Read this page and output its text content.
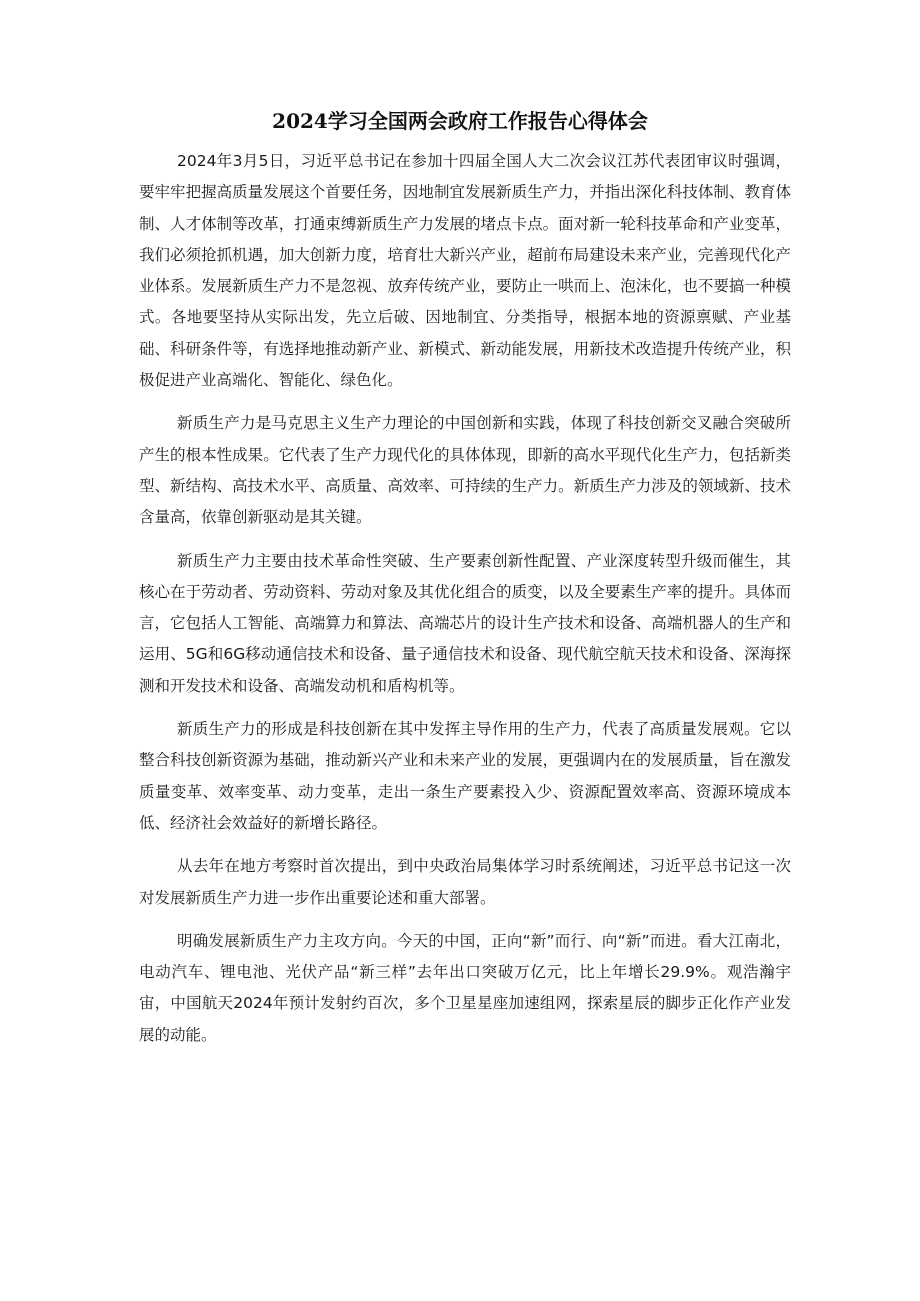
2024学习全国两会政府工作报告心得体会

2024年3月5日，习近平总书记在参加十四届全国人大二次会议江苏代表团审议时强调，要牢牢把握高质量发展这个首要任务，因地制宜发展新质生产力，并指出深化科技体制、教育体制、人才体制等改革，打通束缚新质生产力发展的堵点卡点。面对新一轮科技革命和产业变革，我们必须抢抓机遇，加大创新力度，培育壮大新兴产业，超前布局建设未来产业，完善现代化产业体系。发展新质生产力不是忽视、放弃传统产业，要防止一哄而上、泡沫化，也不要搞一种模式。各地要坚持从实际出发，先立后破、因地制宜、分类指导，根据本地的资源禀赋、产业基础、科研条件等，有选择地推动新产业、新模式、新动能发展，用新技术改造提升传统产业，积极促进产业高端化、智能化、绿色化。

新质生产力是马克思主义生产力理论的中国创新和实践，体现了科技创新交叉融合突破所产生的根本性成果。它代表了生产力现代化的具体体现，即新的高水平现代化生产力，包括新类型、新结构、高技术水平、高质量、高效率、可持续的生产力。新质生产力涉及的领域新、技术含量高，依靠创新驱动是其关键。

新质生产力主要由技术革命性突破、生产要素创新性配置、产业深度转型升级而催生，其核心在于劳动者、劳动资料、劳动对象及其优化组合的质变，以及全要素生产率的提升。具体而言，它包括人工智能、高端算力和算法、高端芯片的设计生产技术和设备、高端机器人的生产和运用、5G和6G移动通信技术和设备、量子通信技术和设备、现代航空航天技术和设备、深海探测和开发技术和设备、高端发动机和盾构机等。

新质生产力的形成是科技创新在其中发挥主导作用的生产力，代表了高质量发展观。它以整合科技创新资源为基础，推动新兴产业和未来产业的发展，更强调内在的发展质量，旨在激发质量变革、效率变革、动力变革，走出一条生产要素投入少、资源配置效率高、资源环境成本低、经济社会效益好的新增长路径。

从去年在地方考察时首次提出，到中央政治局集体学习时系统阐述，习近平总书记这一次对发展新质生产力进一步作出重要论述和重大部署。

明确发展新质生产力主攻方向。今天的中国，正向“新”而行、向“新”而进。看大江南北，电动汽车、锂电池、光伏产品“新三样”去年出口突破万亿元，比上年增长29.9%。观浩瀚宇宙，中国航天2024年预计发射约百次，多个卫星星座加速组网，探索星辰的脚步正化作产业发展的动能。
